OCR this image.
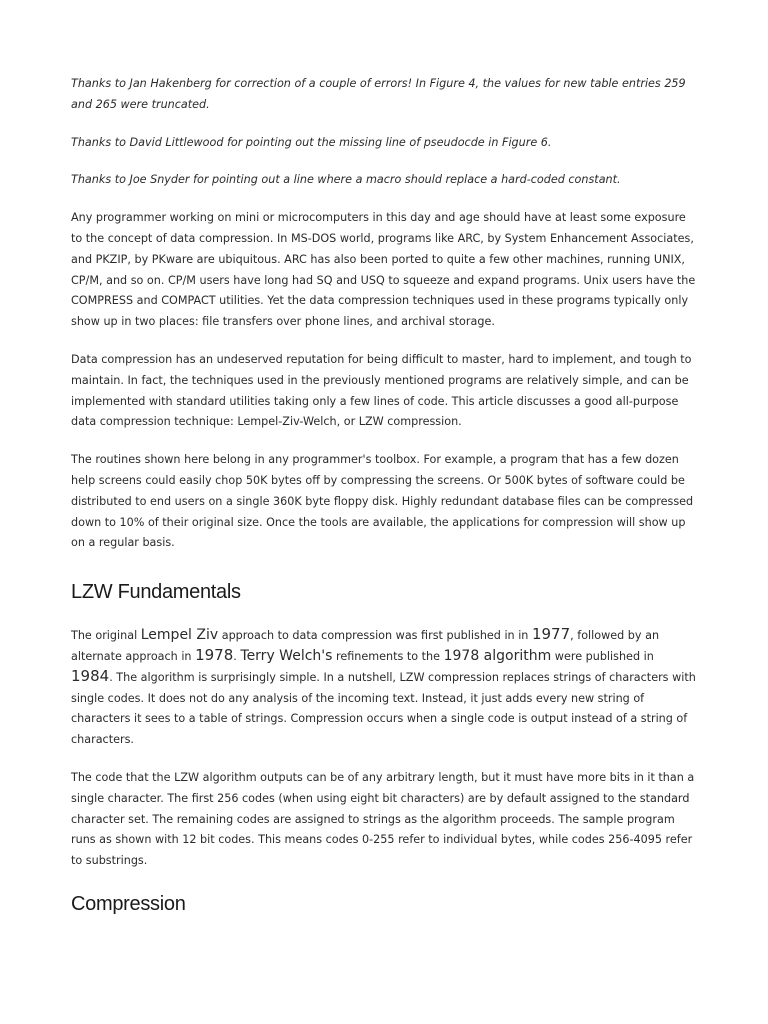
Thanks to Jan Hakenberg for correction of a couple of errors! In Figure 4, the values for new table entries 259 and 265 were truncated.

Thanks to David Littlewood for pointing out the missing line of pseudocde in Figure 6.

Thanks to Joe Snyder for pointing out a line where a macro should replace a hard-coded constant.

Any programmer working on mini or microcomputers in this day and age should have at least some exposure to the concept of data compression. In MS-DOS world, programs like ARC, by System Enhancement Associates, and PKZIP, by PKware are ubiquitous. ARC has also been ported to quite a few other machines, running UNIX, CP/M, and so on. CP/M users have long had SQ and USQ to squeeze and expand programs. Unix users have the COMPRESS and COMPACT utilities. Yet the data compression techniques used in these programs typically only show up in two places: file transfers over phone lines, and archival storage.

Data compression has an undeserved reputation for being difficult to master, hard to implement, and tough to maintain. In fact, the techniques used in the previously mentioned programs are relatively simple, and can be implemented with standard utilities taking only a few lines of code. This article discusses a good all-purpose data compression technique: Lempel-Ziv-Welch, or LZW compression.

The routines shown here belong in any programmer's toolbox. For example, a program that has a few dozen help screens could easily chop 50K bytes off by compressing the screens. Or 500K bytes of software could be distributed to end users on a single 360K byte floppy disk. Highly redundant database files can be compressed down to 10% of their original size. Once the tools are available, the applications for compression will show up on a regular basis.

LZW Fundamentals

The original Lempel Ziv approach to data compression was first published in in 1977, followed by an alternate approach in 1978. Terry Welch's refinements to the 1978 algorithm were published in 1984. The algorithm is surprisingly simple. In a nutshell, LZW compression replaces strings of characters with single codes. It does not do any analysis of the incoming text. Instead, it just adds every new string of characters it sees to a table of strings. Compression occurs when a single code is output instead of a string of characters.

The code that the LZW algorithm outputs can be of any arbitrary length, but it must have more bits in it than a single character. The first 256 codes (when using eight bit characters) are by default assigned to the standard character set. The remaining codes are assigned to strings as the algorithm proceeds. The sample program runs as shown with 12 bit codes. This means codes 0-255 refer to individual bytes, while codes 256-4095 refer to substrings.

Compression
